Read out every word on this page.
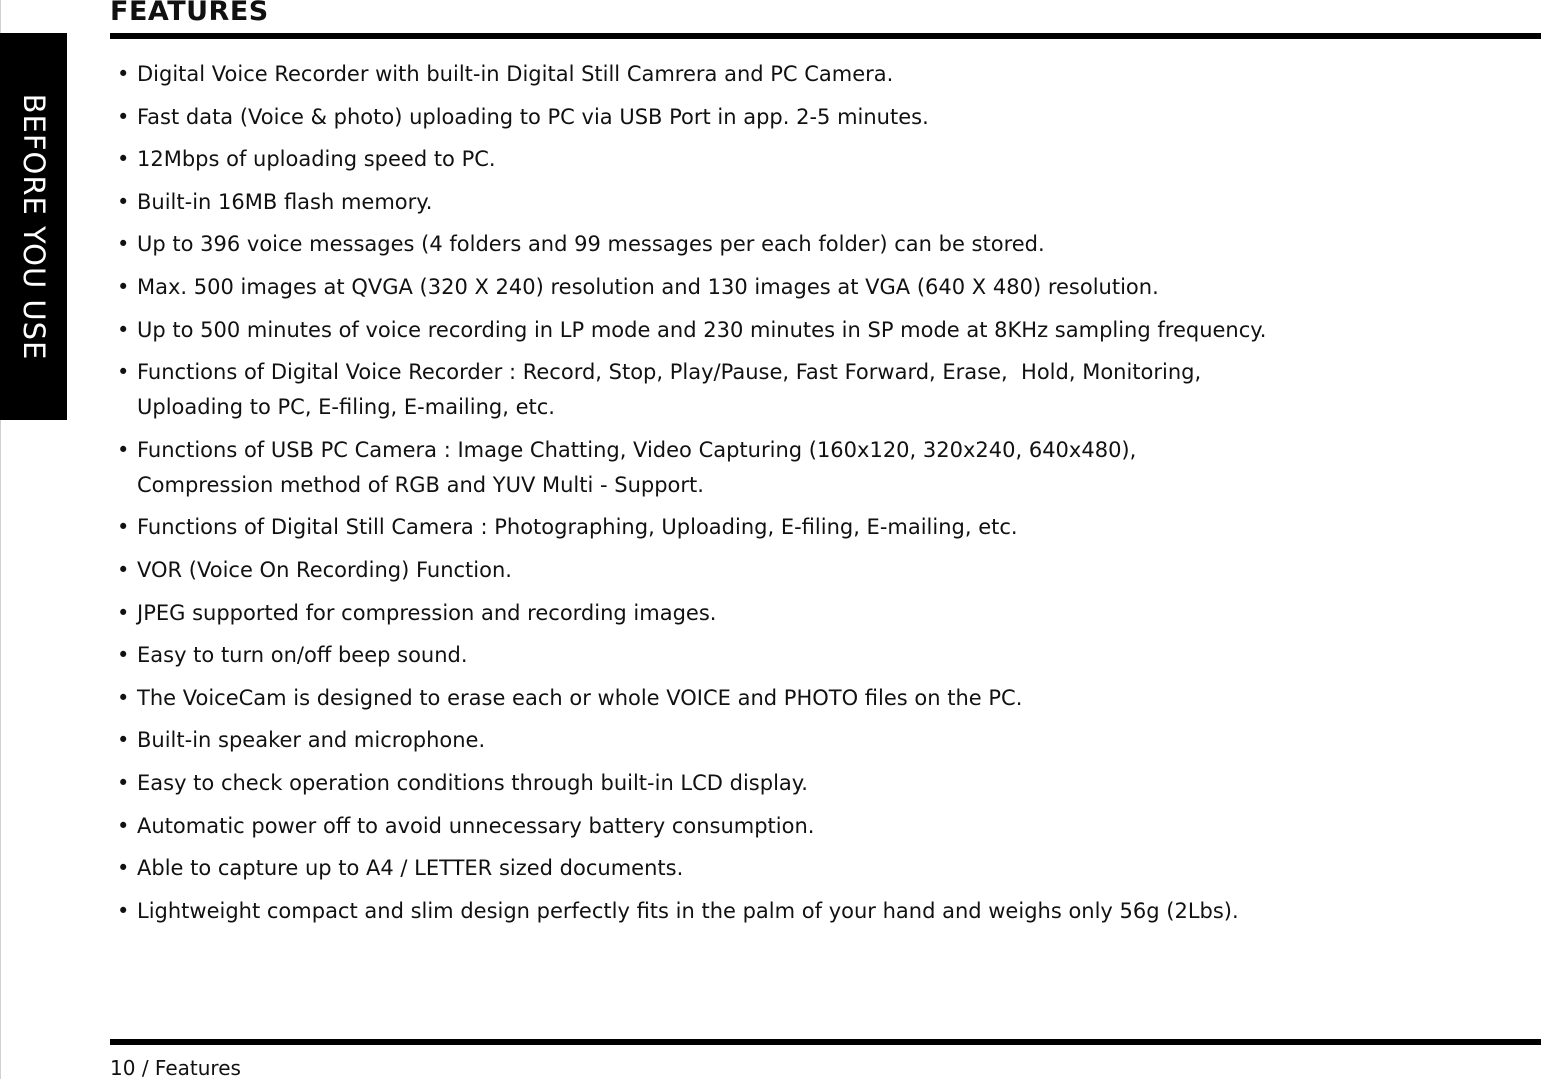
BEFORE YOU USE
FEATURES
• Digital Voice Recorder with built-in Digital Still Camrera and PC Camera.
• Fast data (Voice & photo) uploading to PC via USB Port in app. 2-5 minutes.
• 12Mbps of uploading speed to PC.
• Built-in 16MB flash memory.
• Up to 396 voice messages (4 folders and 99 messages per each folder) can be stored.
• Max. 500 images at QVGA (320 X 240) resolution and 130 images at VGA (640 X 480) resolution.
• Up to 500 minutes of voice recording in LP mode and 230 minutes in SP mode at 8KHz sampling frequency.
• Functions of Digital Voice Recorder : Record, Stop, Play/Pause, Fast Forward, Erase,  Hold, Monitoring,
Uploading to PC, E-filing, E-mailing, etc.
• Functions of USB PC Camera : Image Chatting, Video Capturing (160x120, 320x240, 640x480),
Compression method of RGB and YUV Multi - Support.
• Functions of Digital Still Camera : Photographing, Uploading, E-filing, E-mailing, etc.
• VOR (Voice On Recording) Function.
• JPEG supported for compression and recording images.
• Easy to turn on/off beep sound.
• The VoiceCam is designed to erase each or whole VOICE and PHOTO files on the PC.
• Built-in speaker and microphone.
• Easy to check operation conditions through built-in LCD display.
• Automatic power off to avoid unnecessary battery consumption.
• Able to capture up to A4 / LETTER sized documents.
• Lightweight compact and slim design perfectly fits in the palm of your hand and weighs only 56g (2Lbs).
10 / Features
